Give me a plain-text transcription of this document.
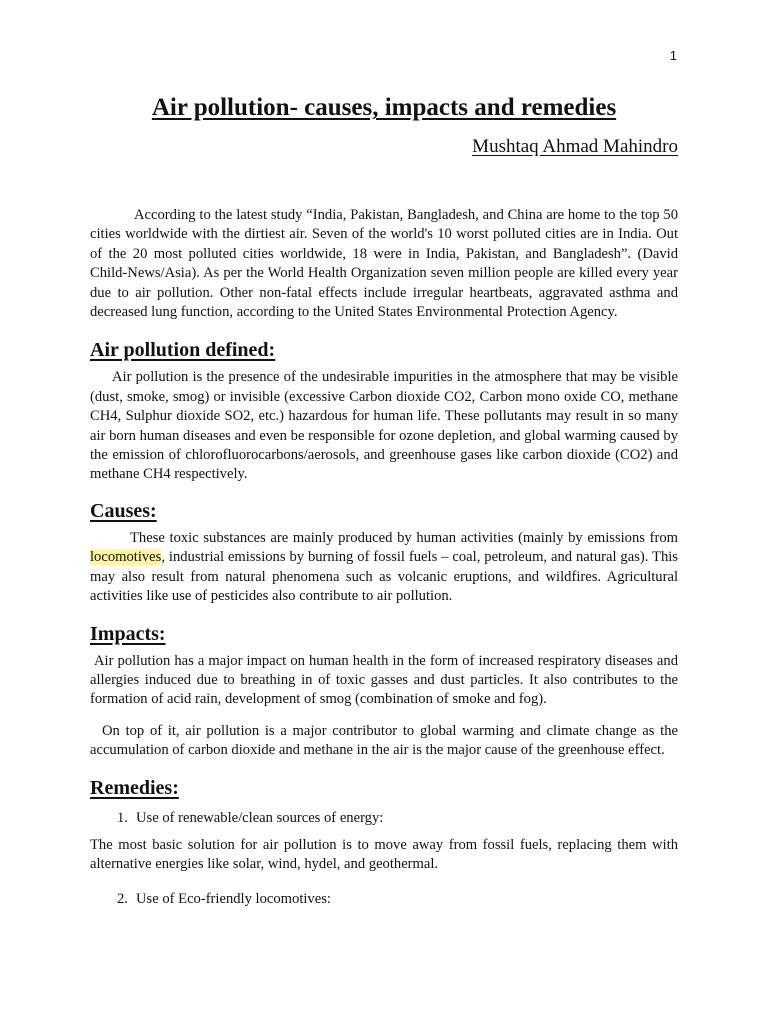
1
Air pollution- causes, impacts and remedies
Mushtaq Ahmad Mahindro

According to the latest study “India, Pakistan, Bangladesh, and China are home to the top 50 cities worldwide with the dirtiest air. Seven of the world's 10 worst polluted cities are in India. Out of the 20 most polluted cities worldwide, 18 were in India, Pakistan, and Bangladesh”. (David Child-News/Asia). As per the World Health Organization seven million people are killed every year due to air pollution. Other non-fatal effects include irregular heartbeats, aggravated asthma and decreased lung function, according to the United States Environmental Protection Agency.

Air pollution defined:

Air pollution is the presence of the undesirable impurities in the atmosphere that may be visible (dust, smoke, smog) or invisible (excessive Carbon dioxide CO2, Carbon mono oxide CO, methane CH4, Sulphur dioxide SO2, etc.) hazardous for human life. These pollutants may result in so many air born human diseases and even be responsible for ozone depletion, and global warming caused by the emission of chlorofluorocarbons/aerosols, and greenhouse gases like carbon dioxide (CO2) and methane CH4 respectively.

Causes:

These toxic substances are mainly produced by human activities (mainly by emissions from locomotives, industrial emissions by burning of fossil fuels – coal, petroleum, and natural gas). This may also result from natural phenomena such as volcanic eruptions, and wildfires. Agricultural activities like use of pesticides also contribute to air pollution.

Impacts:

Air pollution has a major impact on human health in the form of increased respiratory diseases and allergies induced due to breathing in of toxic gasses and dust particles. It also contributes to the formation of acid rain, development of smog (combination of smoke and fog).

On top of it, air pollution is a major contributor to global warming and climate change as the accumulation of carbon dioxide and methane in the air is the major cause of the greenhouse effect.

Remedies:
1. Use of renewable/clean sources of energy:

The most basic solution for air pollution is to move away from fossil fuels, replacing them with alternative energies like solar, wind, hydel, and geothermal.

2. Use of Eco-friendly locomotives:
